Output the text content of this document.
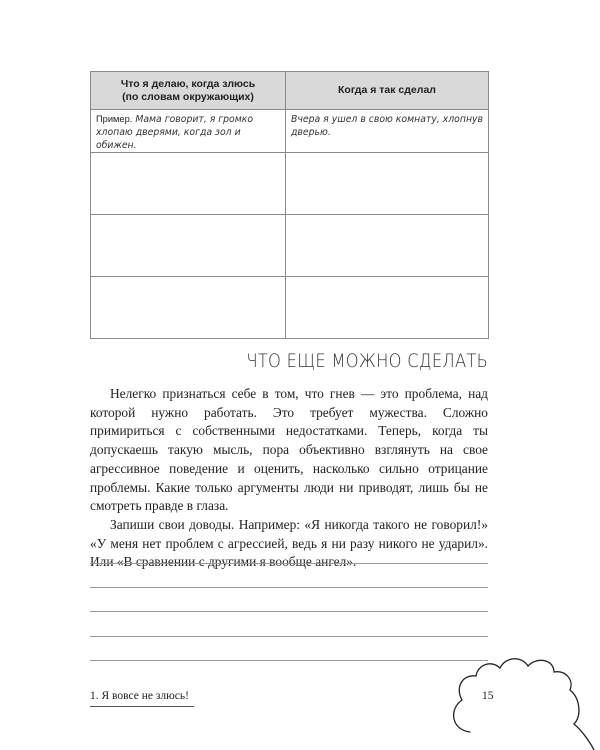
Что я делаю, когда злюсь
(по словам окружающих)	Когда я так сделал

Пример. Мама говорит, я громко хлопаю дверями, когда зол и обижен.	Вчера я ушел в свою комнату, хлопнув дверью.

ЧТО ЕЩЕ МОЖНО СДЕЛАТЬ

Нелегко признаться себе в том, что гнев — это проблема, над которой нужно работать. Это требует мужества. Сложно примириться с собственными недостатками. Теперь, когда ты допускаешь такую мысль, пора объективно взглянуть на свое агрессивное поведение и оценить, насколько сильно отрицание проблемы. Какие только аргументы люди ни приводят, лишь бы не смотреть правде в глаза.

Запиши свои доводы. Например: «Я никогда такого не говорил!» «У меня нет проблем с агрессией, ведь я ни разу никого не ударил». Или «В сравнении с другими я вообще ангел».

1. Я вовсе не злюсь!	15
